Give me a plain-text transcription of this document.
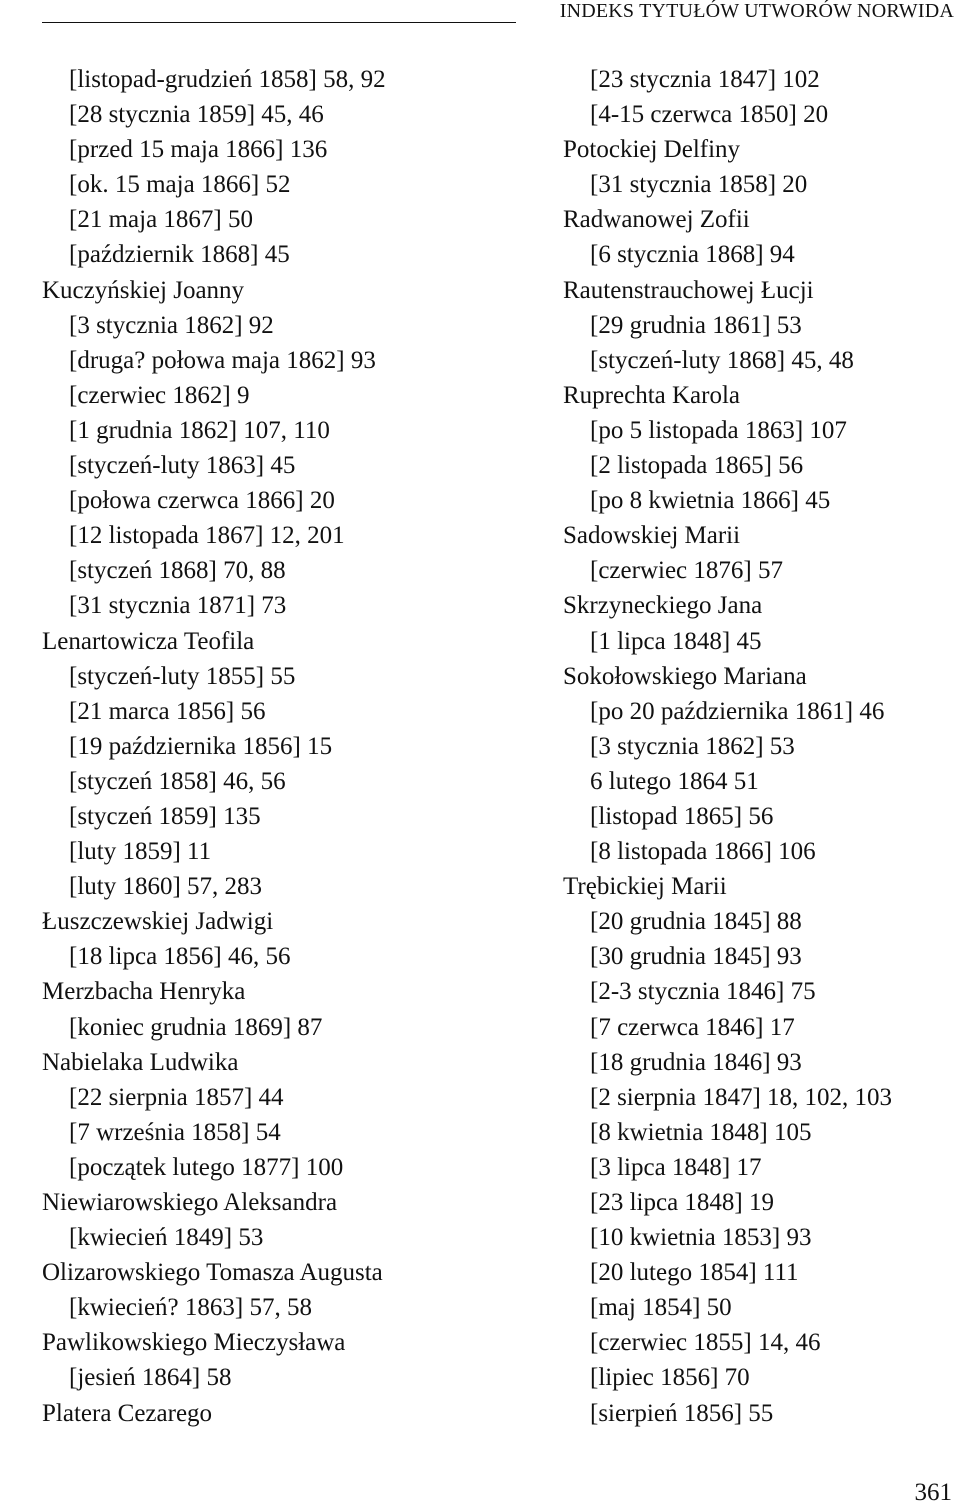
INDEKS TYTUŁÓW UTWORÓW NORWIDA
[listopad-grudzień 1858] 58, 92
[28 stycznia 1859] 45, 46
[przed 15 maja 1866] 136
[ok. 15 maja 1866] 52
[21 maja 1867] 50
[październik 1868] 45
Kuczyńskiej Joanny
[3 stycznia 1862] 92
[druga? połowa maja 1862] 93
[czerwiec 1862] 9
[1 grudnia 1862] 107, 110
[styczeń-luty 1863] 45
[połowa czerwca 1866] 20
[12 listopada 1867] 12, 201
[styczeń 1868] 70, 88
[31 stycznia 1871] 73
Lenartowicza Teofila
[styczeń-luty 1855] 55
[21 marca 1856] 56
[19 października 1856] 15
[styczeń 1858] 46, 56
[styczeń 1859] 135
[luty 1859] 11
[luty 1860] 57, 283
Łuszczewskiej Jadwigi
[18 lipca 1856] 46, 56
Merzbacha Henryka
[koniec grudnia 1869] 87
Nabielaka Ludwika
[22 sierpnia 1857] 44
[7 września 1858] 54
[początek lutego 1877] 100
Niewiarowskiego Aleksandra
[kwiecień 1849] 53
Olizarowskiego Tomasza Augusta
[kwiecień? 1863] 57, 58
Pawlikowskiego Mieczysława
[jesień 1864] 58
Platera Cezarego
[23 stycznia 1847] 102
[4-15 czerwca 1850] 20
Potockiej Delfiny
[31 stycznia 1858] 20
Radwanowej Zofii
[6 stycznia 1868] 94
Rautenstrauchowej Łucji
[29 grudnia 1861] 53
[styczeń-luty 1868] 45, 48
Ruprechta Karola
[po 5 listopada 1863] 107
[2 listopada 1865] 56
[po 8 kwietnia 1866] 45
Sadowskiej Marii
[czerwiec 1876] 57
Skrzyneckiego Jana
[1 lipca 1848] 45
Sokołowskiego Mariana
[po 20 października 1861] 46
[3 stycznia 1862] 53
6 lutego 1864 51
[listopad 1865] 56
[8 listopada 1866] 106
Trębickiej Marii
[20 grudnia 1845] 88
[30 grudnia 1845] 93
[2-3 stycznia 1846] 75
[7 czerwca 1846] 17
[18 grudnia 1846] 93
[2 sierpnia 1847] 18, 102, 103
[8 kwietnia 1848] 105
[3 lipca 1848] 17
[23 lipca 1848] 19
[10 kwietnia 1853] 93
[20 lutego 1854] 111
[maj 1854] 50
[czerwiec 1855] 14, 46
[lipiec 1856] 70
[sierpień 1856] 55
361
